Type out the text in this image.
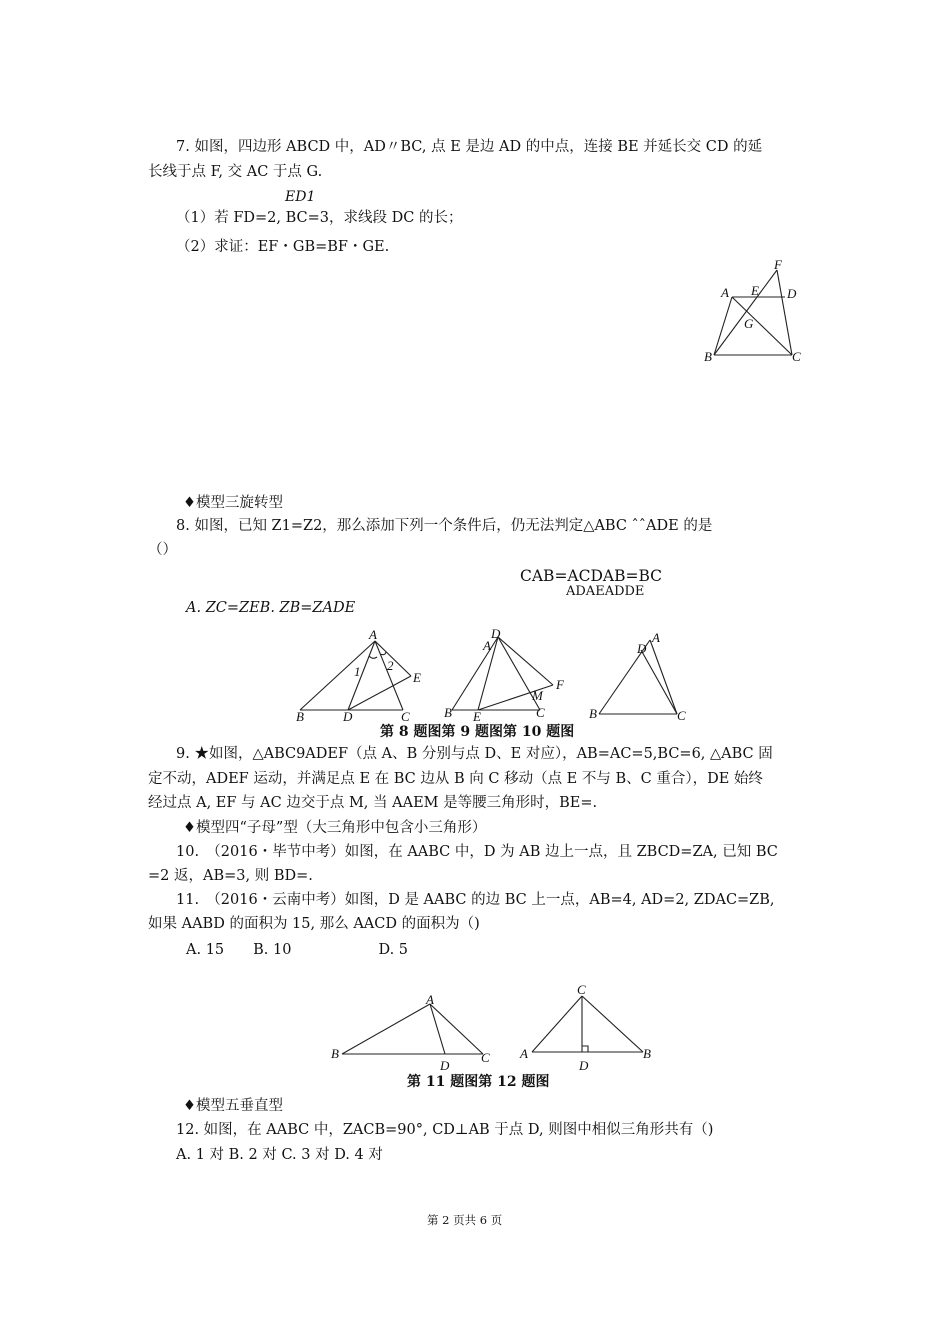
7. 如图，四边形 ABCD 中，AD〃BC, 点 E 是边 AD 的中点，连接 BE 并延长交 CD 的延
长线于点 F, 交 AC 于点 G.
ED1
（1）若 FD=2, BC=3，求线段 DC 的长；
（2）求证：EF・GB=BF・GE.
F
A E D
G
B	C
♦模型三旋转型
8. 如图，已知 Z1=Z2，那么添加下列一个条件后，仍无法判定△ABC ˆˆADE 的是
（）
CAB=ACDAB=BC
ADAEADDE
A. ZC=ZEB. ZB=ZADE
A
1 2
E
B	D	C
D
A
F
M
B E	C
A
D
B	C
第 8 题图第 9 题图第 10 题图
9. ★如图，△ABC9ADEF（点 A、B 分别与点 D、E 对应），AB=AC=5,BC=6, △ABC 固
定不动，ADEF 运动，并满足点 E 在 BC 边从 B 向 C 移动（点 E 不与 B、C 重合），DE 始终
经过点 A, EF 与 AC 边交于点 M, 当 AAEM 是等腰三角形时，BE=.
♦模型四“子母”型（大三角形中包含小三角形）
10.　（2016・毕节中考）如图，在 AABC 中，D 为 AB 边上一点，且 ZBCD=ZA, 已知 BC
=2 返，AB=3, 则 BD=.
11.　（2016・云南中考）如图，D 是 AABC 的边 BC 上一点，AB=4, AD=2, ZDAC=ZB,
如果 AABD 的面积为 15, 那么 AACD 的面积为（)
A. 15　　B. 10　　　　　　D. 5
A
B
D
C
C
A
D
B
第 11 题图第 12 题图
♦模型五垂直型
12. 如图，在 AABC 中，ZACB=90°, CD⊥AB 于点 D, 则图中相似三角形共有（)
A. 1 对 B. 2 对 C. 3 对 D. 4 对
第 2 页共 6 页
